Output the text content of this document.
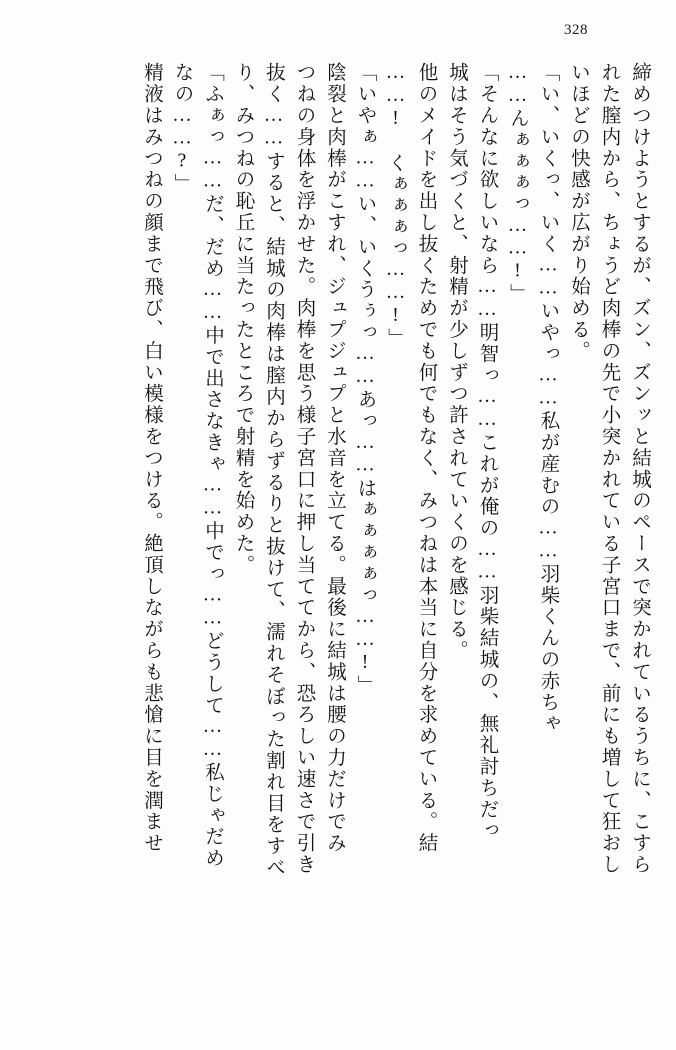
328
締めつけようとするが、ズン、ズンッと結城のペースで突かれているうちに、こすら
れた膣内から、ちょうど肉棒の先で小突かれている子宮口まで、前にも増して狂おし
いほどの快感が広がり始める。
「い、いくっ、いく……いやっ……私が産むの……羽柴くんの赤ちゃ
……んぁぁぁっ……!」
「そんなに欲しいなら……明智っ……これが俺の……羽柴結城の、無礼討ちだっ
城はそう気づくと、射精が少しずつ許されていくのを感じる。
他のメイドを出し抜くためでも何でもなく、みつねは本当に自分を求めている。結
……!　くぁぁぁっ……!」
「いやぁ……い、いくうぅっ……あっ……はぁぁぁぁっ……!」
陰裂と肉棒がこすれ、ジュプジュプと水音を立てる。最後に結城は腰の力だけでみ
つねの身体を浮かせた。肉棒を思う様子宮口に押し当ててから、恐ろしい速さで引き
抜く……すると、結城の肉棒は膣内からずるりと抜けて、濡れそぼった割れ目をすべ
り、みつねの恥丘に当たったところで射精を始めた。
「ふぁっ……だ、だめ……中で出さなきゃ……中でっ……どうして……私じゃだめ
なの……?」
精液はみつねの顔まで飛び、白い模様をつける。絶頂しながらも悲愴に目を潤ませ
